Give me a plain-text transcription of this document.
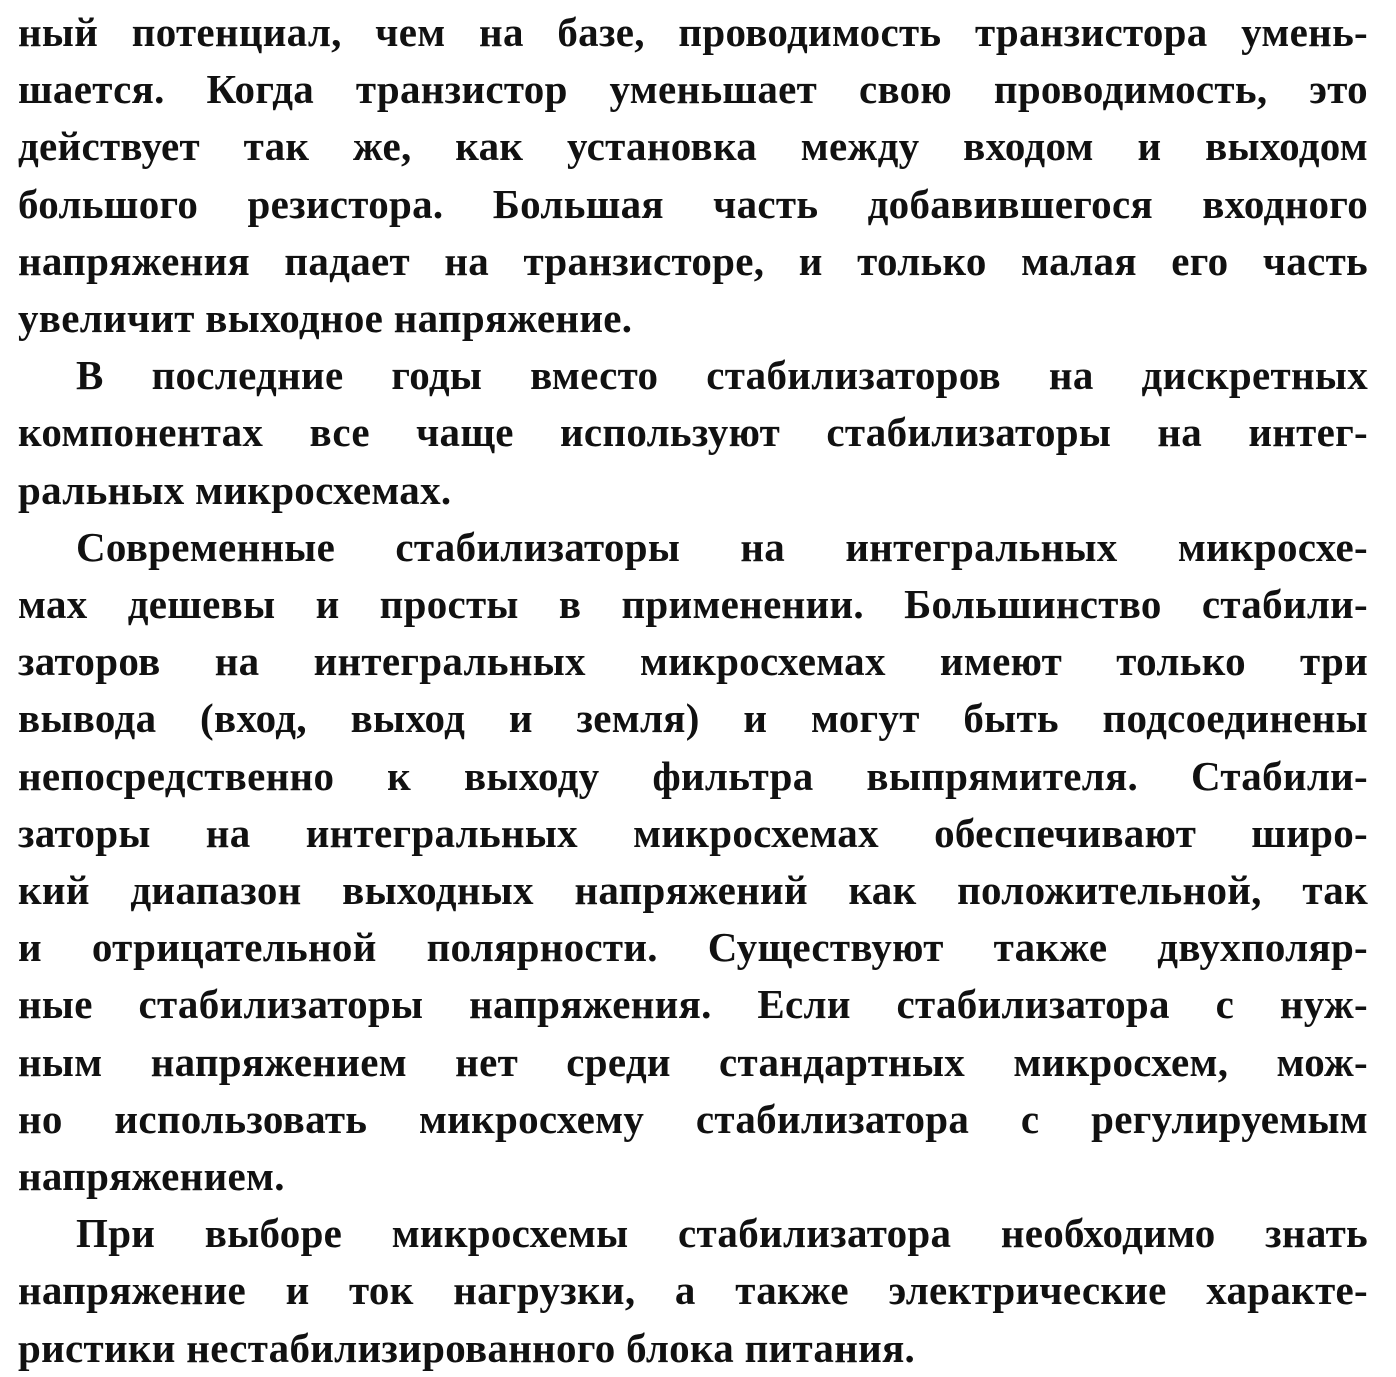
ный потенциал, чем на базе, проводимость транзистора умень-
шается. Когда транзистор уменьшает свою проводимость, это
действует так же, как установка между входом и выходом
большого резистора. Большая часть добавившегося входного
напряжения падает на транзисторе, и только малая его часть
увеличит выходное напряжение.
В последние годы вместо стабилизаторов на дискретных
компонентах все чаще используют стабилизаторы на интег-
ральных микросхемах.
Современные стабилизаторы на интегральных микросхе-
мах дешевы и просты в применении. Большинство стабили-
заторов на интегральных микросхемах имеют только три
вывода (вход, выход и земля) и могут быть подсоединены
непосредственно к выходу фильтра выпрямителя. Стабили-
заторы на интегральных микросхемах обеспечивают широ-
кий диапазон выходных напряжений как положительной, так
и отрицательной полярности. Существуют также двухполяр-
ные стабилизаторы напряжения. Если стабилизатора с нуж-
ным напряжением нет среди стандартных микросхем, мож-
но использовать микросхему стабилизатора с регулируемым
напряжением.
При выборе микросхемы стабилизатора необходимо знать
напряжение и ток нагрузки, а также электрические характе-
ристики нестабилизированного блока питания.
